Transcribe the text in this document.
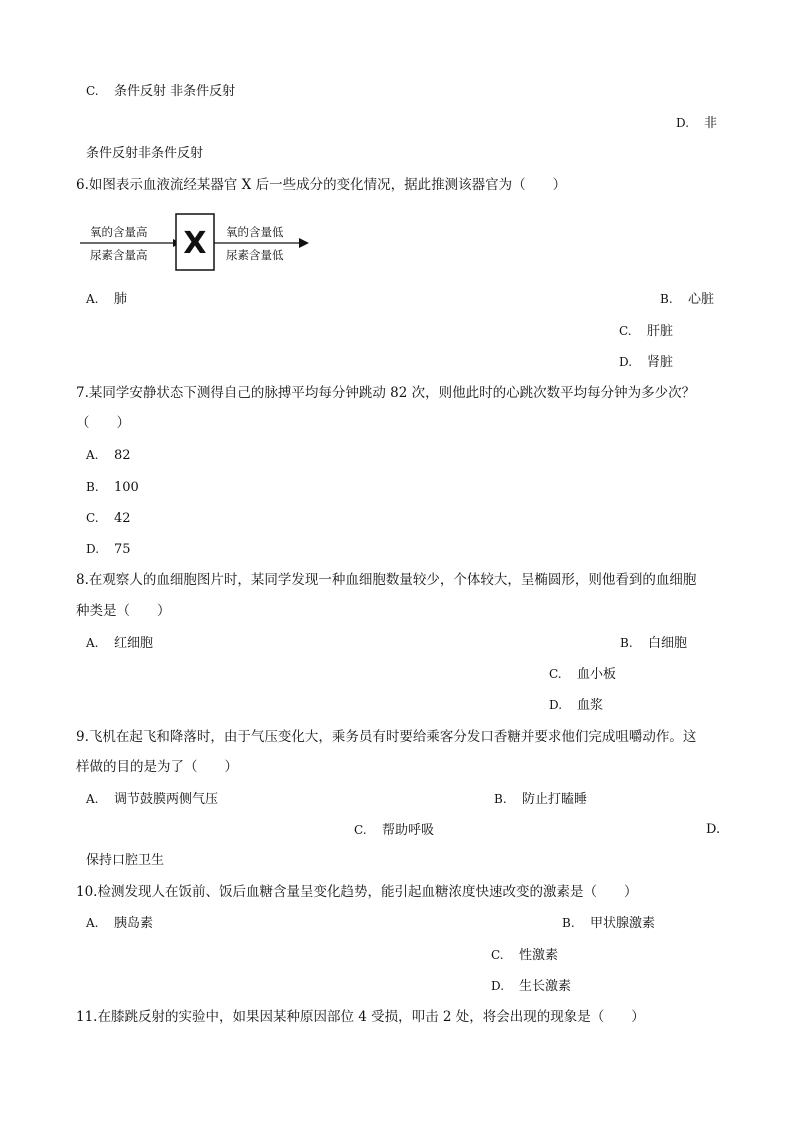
C. 条件反射 非条件反射
D. 非
条件反射非条件反射
6.如图表示血液流经某器官 X 后一些成分的变化情况，据此推测该器官为（　　）
氧的含量高
尿素含量高 X 氧的含量低
尿素含量低
A. 肺	B. 心脏
C. 肝脏
D. 肾脏
7.某同学安静状态下测得自己的脉搏平均每分钟跳动 82 次，则他此时的心跳次数平均每分钟为多少次？
（　　）
A. 82
B. 100
C. 42
D. 75
8.在观察人的血细胞图片时，某同学发现一种血细胞数量较少，个体较大，呈椭圆形，则他看到的血细胞
种类是（　　）
A. 红细胞	B. 白细胞
C. 血小板
D. 血浆
9.飞机在起飞和降落时，由于气压变化大，乘务员有时要给乘客分发口香糖并要求他们完成咀嚼动作。这
样做的目的是为了（　　）
A. 调节鼓膜两侧气压	B. 防止打瞌睡
C. 帮助呼吸	D.
保持口腔卫生
10.检测发现人在饭前、饭后血糖含量呈变化趋势，能引起血糖浓度快速改变的激素是（　　）
A. 胰岛素	B. 甲状腺激素
C. 性激素
D. 生长激素
11.在膝跳反射的实验中，如果因某种原因部位 4 受损，叩击 2 处，将会出现的现象是（　　）
